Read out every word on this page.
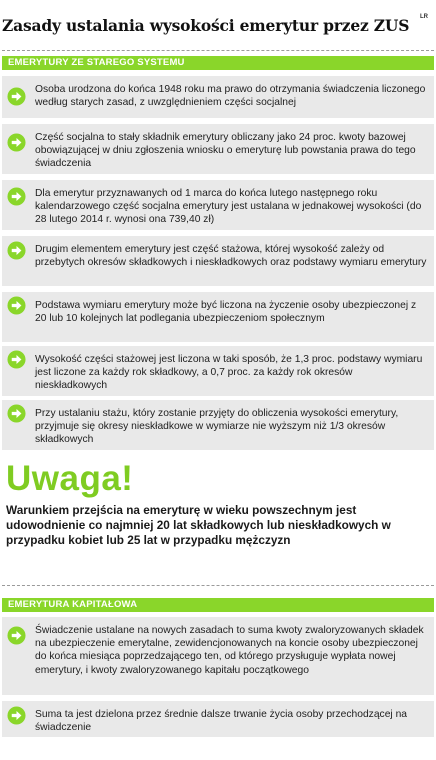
Zasady ustalania wysokości emerytur przez ZUS LR
EMERYTURY ZE STAREGO SYSTEMU
Osoba urodzona do końca 1948 roku ma prawo do otrzymania świadczenia liczonego według starych zasad, z uwzględnieniem części socjalnej
Część socjalna to stały składnik emerytury obliczany jako 24 proc. kwoty bazowej obowiązującej w dniu zgłoszenia wniosku o emeryturę lub powstania prawa do tego świadczenia
Dla emerytur przyznawanych od 1 marca do końca lutego następnego roku kalendarzowego część socjalna emerytury jest ustalana w jednakowej wysokości (do 28 lutego 2014 r. wynosi ona 739,40 zł)
Drugim elementem emerytury jest część stażowa, której wysokość zależy od przebytych okresów składkowych i nieskładkowych oraz podstawy wymiaru emerytury
Podstawa wymiaru emerytury może być liczona na życzenie osoby ubezpieczonej z 20 lub 10 kolejnych lat podlegania ubezpieczeniom społecznym
Wysokość części stażowej jest liczona w taki sposób, że 1,3 proc. podstawy wymiaru jest liczone za każdy rok składkowy, a 0,7 proc. za każdy rok okresów nieskładkowych
Przy ustalaniu stażu, który zostanie przyjęty do obliczenia wysokości emerytury, przyjmuje się okresy nieskładkowe w wymiarze nie wyższym niż 1/3 okresów składkowych
Uwaga!
Warunkiem przejścia na emeryturę w wieku powszechnym jest udowodnienie co najmniej 20 lat składkowych lub nieskładkowych w przypadku kobiet lub 25 lat w przypadku mężczyzn
EMERYTURA KAPITAŁOWA
Świadczenie ustalane na nowych zasadach to suma kwoty zwaloryzowanych składek na ubezpieczenie emerytalne, zewidencjonowanych na koncie osoby ubezpieczonej do końca miesiąca poprzedzającego ten, od którego przysługuje wypłata nowej emerytury, i kwoty zwaloryzowanego kapitału początkowego
Suma ta jest dzielona przez średnie dalsze trwanie życia osoby przechodzącej na świadczenie
